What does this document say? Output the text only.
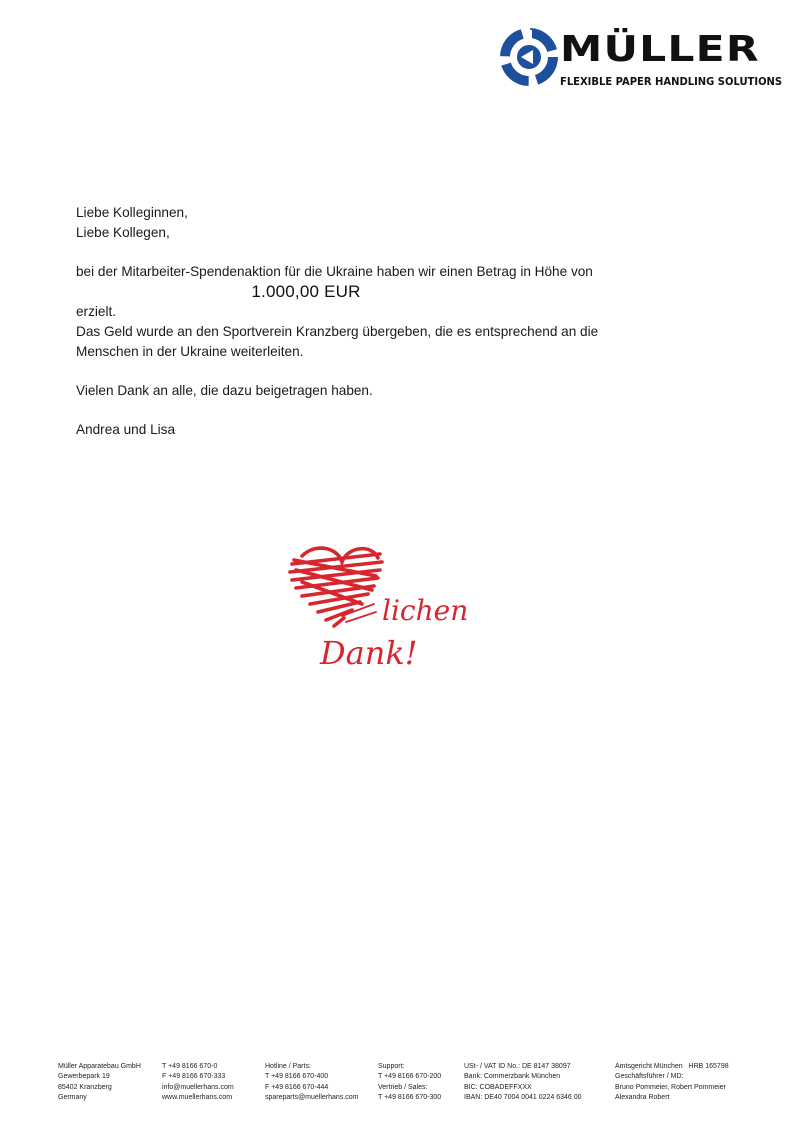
MÜLLER
FLEXIBLE PAPER HANDLING SOLUTIONS

Liebe Kolleginnen,

Liebe Kollegen,

bei der Mitarbeiter-Spendenaktion für die Ukraine haben wir einen Betrag in Höhe von

1.000,00 EUR

erzielt.

Das Geld wurde an den Sportverein Kranzberg übergeben, die es entsprechend an die

Menschen in der Ukraine weiterleiten.

Vielen Dank an alle, die dazu beigetragen haben.

Andrea und Lisa

lichen
Dank!
Müller Apparatebau GmbH
Gewerbepark 19
85402 Kranzberg
Germany
T +49 8166 670-0
F +49 8166 670-333
info@muellerhans.com
www.muellerhans.com
Hotline / Parts:
T +49 8166 670-400
F +49 8166 670-444
spareparts@muellerhans.com
Support:
T +49 8166 670-200
Vertrieb / Sales:
T +49 8166 670-300
USt- / VAT ID No.: DE 8147 38097
Bank: Commerzbank München
BIC: COBADEFFXXX
IBAN: DE40 7004 0041 0224 6346 00
Amtsgericht München   HRB 165798
Geschäftsführer / MD:
Bruno Pommeier, Robert Pommeier
Alexandra Robert
